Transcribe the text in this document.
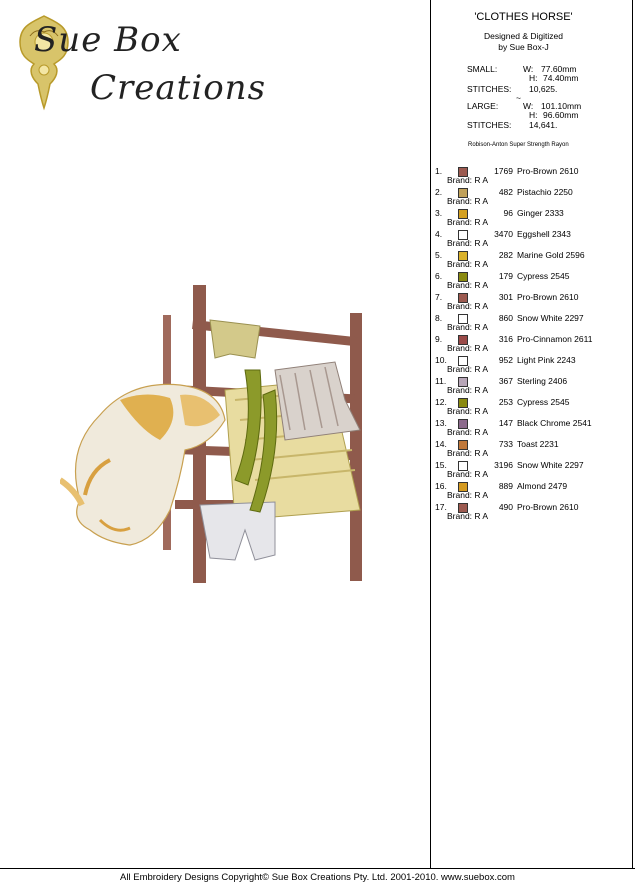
Sue Box
Creations
'CLOTHES HORSE'
Designed & Digitized
by Sue Box-J
SMALL:	W: 77.60mm
H: 74.40mm
STITCHES: 10,625.
~
LARGE:	W: 101.10mm
H: 96.60mm
STITCHES: 14,641.
Robison-Anton Super Strength Rayon
1.	1769 Pro-Brown 2610
Brand: R A
2.	482 Pistachio 2250
Brand: R A
3.	96 Ginger 2333
Brand: R A
4.	3470 Eggshell 2343
Brand: R A
5.	282 Marine Gold 2596
Brand: R A
6.	179 Cypress 2545
Brand: R A
7.	301 Pro-Brown 2610
Brand: R A
8.	860 Snow White 2297
Brand: R A
9.	316 Pro-Cinnamon 2611
Brand: R A
10.	952 Light Pink 2243
Brand: R A
11.	367 Sterling 2406
Brand: R A
12.	253 Cypress 2545
Brand: R A
13.	147 Black Chrome 2541
Brand: R A
14.	733 Toast 2231
Brand: R A
15.	3196 Snow White 2297
Brand: R A
16.	889 Almond 2479
Brand: R A
17.	490 Pro-Brown 2610
Brand: R A
All Embroidery Designs Copyright© Sue Box Creations Pty. Ltd. 2001-2010. www.suebox.com
